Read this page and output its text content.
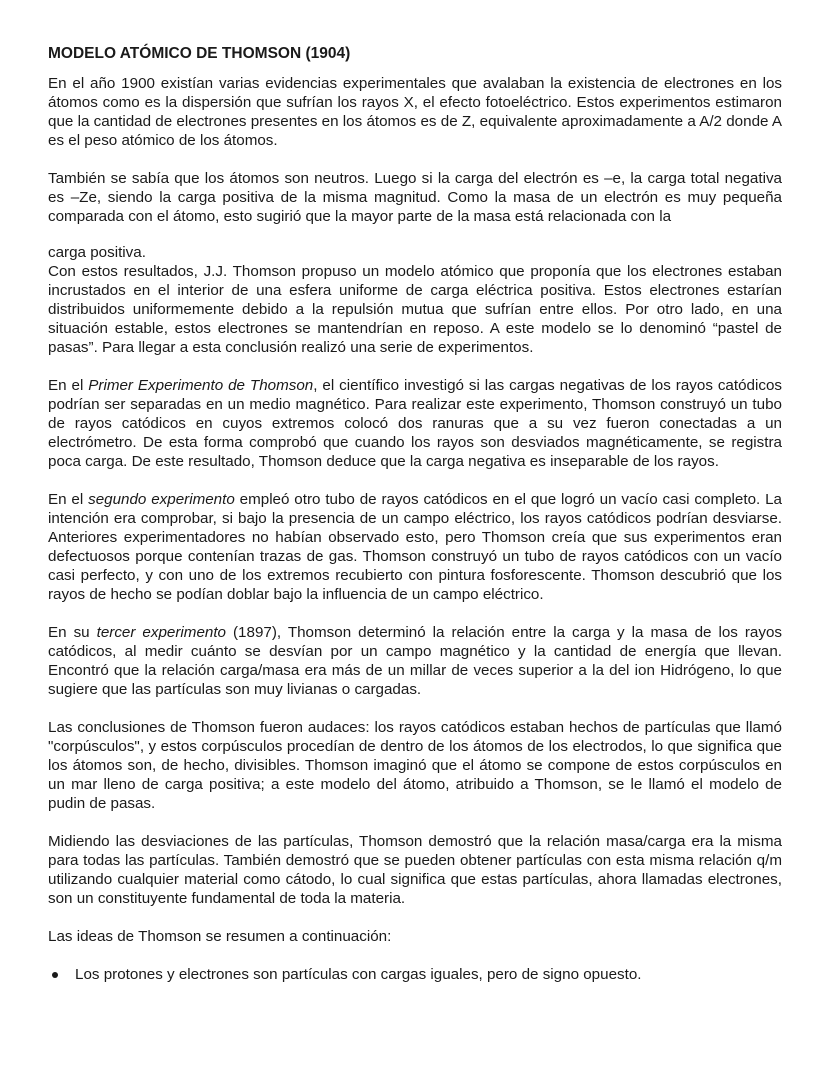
MODELO ATÓMICO DE THOMSON (1904)

En el año 1900 existían varias evidencias experimentales que avalaban la existencia de electrones en los átomos como es la dispersión que sufrían los rayos X, el efecto fotoeléctrico. Estos experimentos estimaron que la cantidad de electrones presentes en los átomos es de Z, equivalente aproximadamente a A/2 donde A es el peso atómico de los átomos.

También se sabía que los átomos son neutros. Luego si la carga del electrón es –e, la carga total negativa es –Ze, siendo la carga positiva de la misma magnitud. Como la masa de un electrón es muy pequeña comparada con el átomo, esto sugirió que la mayor parte de la masa está relacionada con la

carga positiva.

Con estos resultados, J.J. Thomson propuso un modelo atómico que proponía que los electrones estaban incrustados en el interior de una esfera uniforme de carga eléctrica positiva. Estos electrones estarían distribuidos uniformemente debido a la repulsión mutua que sufrían entre ellos. Por otro lado, en una situación estable, estos electrones se mantendrían en reposo. A este modelo se lo denominó “pastel de pasas”. Para llegar a esta conclusión realizó una serie de experimentos.

En el Primer Experimento de Thomson, el científico investigó si las cargas negativas de los rayos catódicos podrían ser separadas en un medio magnético. Para realizar este experimento, Thomson construyó un tubo de rayos catódicos en cuyos extremos colocó dos ranuras que a su vez fueron conectadas a un electrómetro. De esta forma comprobó que cuando los rayos son desviados magnéticamente, se registra poca carga. De este resultado, Thomson deduce que la carga negativa es inseparable de los rayos.

En el segundo experimento empleó otro tubo de rayos catódicos en el que logró un vacío casi completo. La intención era comprobar, si bajo la presencia de un campo eléctrico, los rayos catódicos podrían desviarse. Anteriores experimentadores no habían observado esto, pero Thomson creía que sus experimentos eran defectuosos porque contenían trazas de gas. Thomson construyó un tubo de rayos catódicos con un vacío casi perfecto, y con uno de los extremos recubierto con pintura fosforescente. Thomson descubrió que los rayos de hecho se podían doblar bajo la influencia de un campo eléctrico.

En su tercer experimento (1897), Thomson determinó la relación entre la carga y la masa de los rayos catódicos, al medir cuánto se desvían por un campo magnético y la cantidad de energía que llevan. Encontró que la relación carga/masa era más de un millar de veces superior a la del ion Hidrógeno, lo que sugiere que las partículas son muy livianas o cargadas.

Las conclusiones de Thomson fueron audaces: los rayos catódicos estaban hechos de partículas que llamó "corpúsculos", y estos corpúsculos procedían de dentro de los átomos de los electrodos, lo que significa que los átomos son, de hecho, divisibles. Thomson imaginó que el átomo se compone de estos corpúsculos en un mar lleno de carga positiva; a este modelo del átomo, atribuido a Thomson, se le llamó el modelo de pudin de pasas.

Midiendo las desviaciones de las partículas, Thomson demostró que la relación masa/carga era la misma para todas las partículas. También demostró que se pueden obtener partículas con esta misma relación q/m utilizando cualquier material como cátodo, lo cual significa que estas partículas, ahora llamadas electrones, son un constituyente fundamental de toda la materia.

Las ideas de Thomson se resumen a continuación:

Los protones y electrones son partículas con cargas iguales, pero de signo opuesto.
